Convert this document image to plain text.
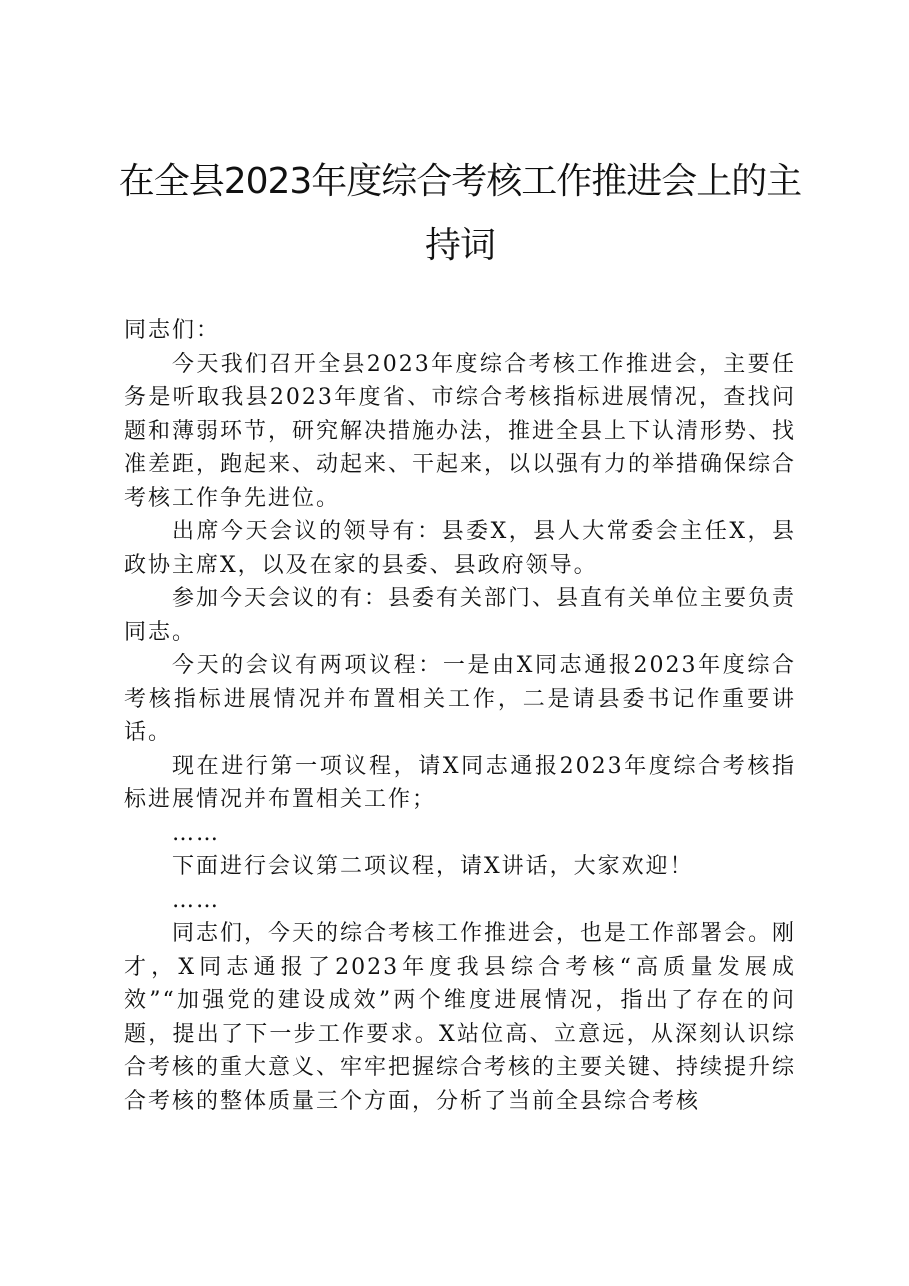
在全县2023年度综合考核工作推进会上的主持词

同志们：

今天我们召开全县2023年度综合考核工作推进会，主要任务是听取我县2023年度省、市综合考核指标进展情况，查找问题和薄弱环节，研究解决措施办法，推进全县上下认清形势、找准差距，跑起来、动起来、干起来，以以强有力的举措确保综合考核工作争先进位。

出席今天会议的领导有：县委X，县人大常委会主任X，县政协主席X，以及在家的县委、县政府领导。

参加今天会议的有：县委有关部门、县直有关单位主要负责同志。

今天的会议有两项议程：一是由X同志通报2023年度综合考核指标进展情况并布置相关工作，二是请县委书记作重要讲话。

现在进行第一项议程，请X同志通报2023年度综合考核指标进展情况并布置相关工作；

……

下面进行会议第二项议程，请X讲话，大家欢迎！

……

同志们，今天的综合考核工作推进会，也是工作部署会。刚才，X同志通报了2023年度我县综合考核“高质量发展成效”“加强党的建设成效”两个维度进展情况，指出了存在的问题，提出了下一步工作要求。X站位高、立意远，从深刻认识综合考核的重大意义、牢牢把握综合考核的主要关键、持续提升综合考核的整体质量三个方面，分析了当前全县综合考核
